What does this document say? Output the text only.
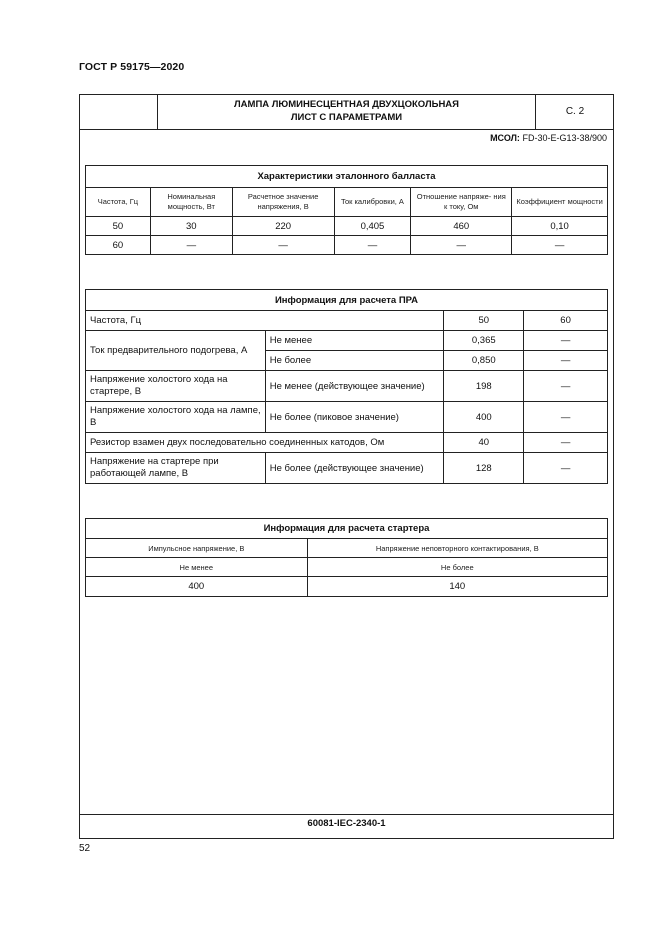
ГОСТ Р 59175—2020
ЛАМПА ЛЮМИНЕСЦЕНТНАЯ ДВУХЦОКОЛЬНАЯ
ЛИСТ С ПАРАМЕТРАМИ
С. 2
МСОЛ: FD-30-E-G13-38/900
Характеристики эталонного балласта					
Частота, Гц	Номинальная мощность, Вт	Расчетное значение напряжения, В	Ток калибровки, А	Отношение напряже- ния к току, Ом	Коэффициент мощности
50	30	220	0,405	460	0,10
60	—	—	—	—	—
Информация для расчета ПРА			
Частота, Гц		50	60
Ток предварительного подогрева, А	Не менее	0,365	—
	Не более	0,850	—
Напряжение холостого хода на стартере, В	Не менее (действующее значение)	198	—
Напряжение холостого хода на лампе, В	Не более (пиковое значение)	400	—
Резистор взамен двух последовательно соединенных катодов, Ом		40	—
Напряжение на стартере при работающей лампе, В	Не более (действующее значение)	128	—
Информация для расчета стартера	
Импульсное напряжение, В	Напряжение неповторного контактирования, В
Не менее	Не более
400	140
60081-IEC-2340-1
52
